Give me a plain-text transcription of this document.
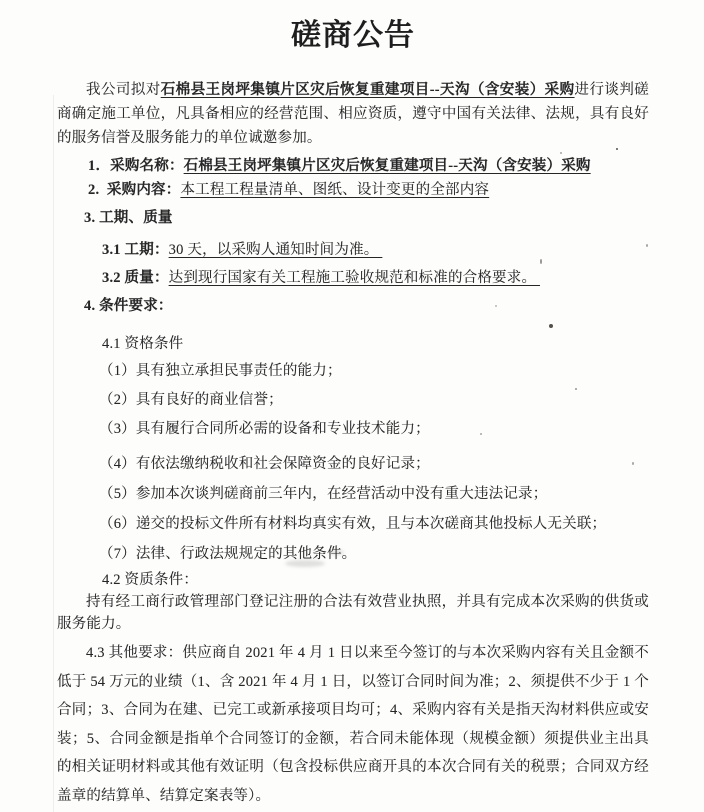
磋商公告

我公司拟对石棉县王岗坪集镇片区灾后恢复重建项目--天沟（含安装）采购进行谈判磋商确定施工单位，凡具备相应的经营范围、相应资质，遵守中国有关法律、法规，具有良好的服务信誉及服务能力的单位诚邀参加。

1．采购名称：石棉县王岗坪集镇片区灾后恢复重建项目--天沟（含安装）采购

2.  采购内容：本工程工程量清单、图纸、设计变更的全部内容

3. 工期、质量

3.1 工期：30 天，以采购人通知时间为准。

3.2 质量：达到现行国家有关工程施工验收规范和标准的合格要求。

4. 条件要求：

4.1 资格条件

（1）具有独立承担民事责任的能力；

（2）具有良好的商业信誉；

（3）具有履行合同所必需的设备和专业技术能力；

（4）有依法缴纳税收和社会保障资金的良好记录；

（5）参加本次谈判磋商前三年内，在经营活动中没有重大违法记录；

（6）递交的投标文件所有材料均真实有效，且与本次磋商其他投标人无关联；

（7）法律、行政法规规定的其他条件。

4.2 资质条件：

持有经工商行政管理部门登记注册的合法有效营业执照，并具有完成本次采购的供货或服务能力。

4.3 其他要求：供应商自 2021 年 4 月 1 日以来至今签订的与本次采购内容有关且金额不低于 54 万元的业绩（1、含 2021 年 4 月 1 日，以签订合同时间为准；2、须提供不少于 1 个合同；3、合同为在建、已完工或新承接项目均可；4、采购内容有关是指天沟材料供应或安装；5、合同金额是指单个合同签订的金额，若合同未能体现（规模金额）须提供业主出具的相关证明材料或其他有效证明（包含投标供应商开具的本次合同有关的税票；合同双方经盖章的结算单、结算定案表等）。
